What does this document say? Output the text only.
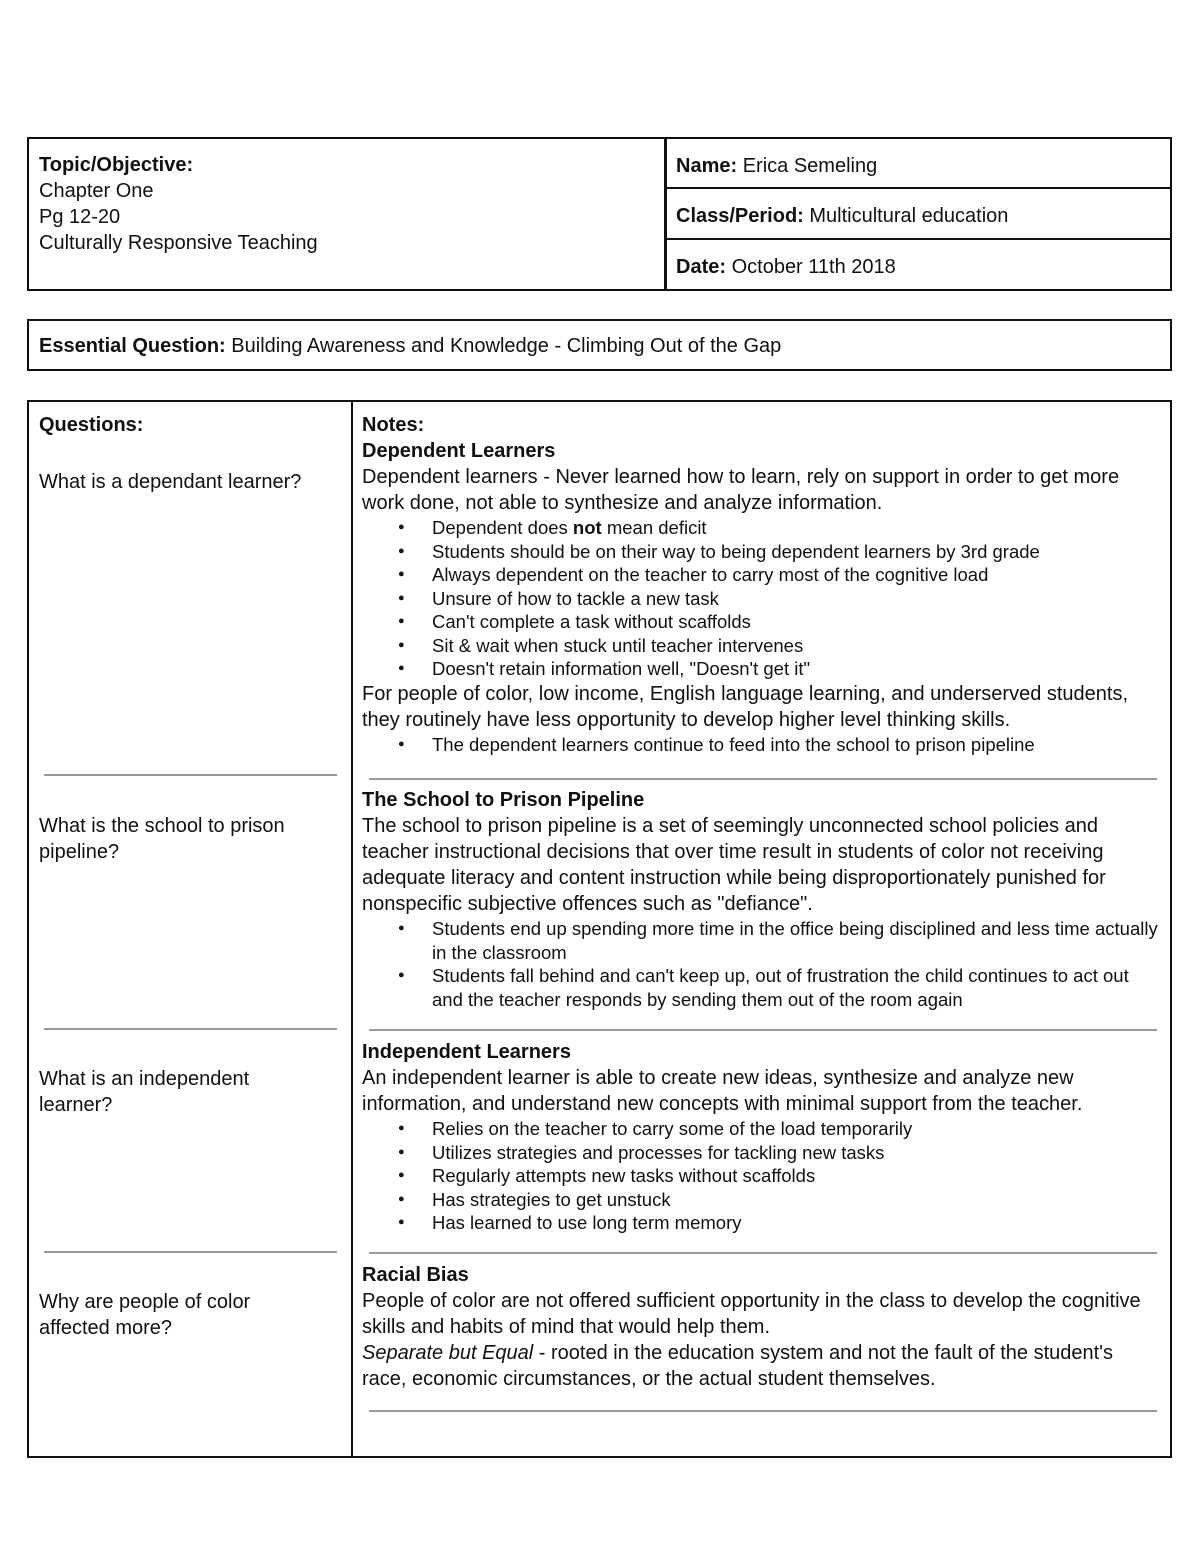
Topic/Objective:
Chapter One
Pg 12-20
Culturally Responsive Teaching
Name: Erica Semeling
Class/Period: Multicultural education
Date: October 11th 2018
Essential Question: Building Awareness and Knowledge - Climbing Out of the Gap
Questions:
What is a dependant learner?
What is the school to prison pipeline?
What is an independent learner?
Why are people of color affected more?
Notes:
Dependent Learners
Dependent learners - Never learned how to learn, rely on support in order to get more work done, not able to synthesize and analyze information.
● Dependent does not mean deficit
● Students should be on their way to being dependent learners by 3rd grade
● Always dependent on the teacher to carry most of the cognitive load
● Unsure of how to tackle a new task
● Can't complete a task without scaffolds
● Sit & wait when stuck until teacher intervenes
● Doesn't retain information well, "Doesn't get it"
For people of color, low income, English language learning, and underserved students, they routinely have less opportunity to develop higher level thinking skills.
● The dependent learners continue to feed into the school to prison pipeline
The School to Prison Pipeline
The school to prison pipeline is a set of seemingly unconnected school policies and teacher instructional decisions that over time result in students of color not receiving adequate literacy and content instruction while being disproportionately punished for nonspecific subjective offences such as "defiance".
● Students end up spending more time in the office being disciplined and less time actually in the classroom
● Students fall behind and can't keep up, out of frustration the child continues to act out and the teacher responds by sending them out of the room again
Independent Learners
An independent learner is able to create new ideas, synthesize and analyze new information, and understand new concepts with minimal support from the teacher.
● Relies on the teacher to carry some of the load temporarily
● Utilizes strategies and processes for tackling new tasks
● Regularly attempts new tasks without scaffolds
● Has strategies to get unstuck
● Has learned to use long term memory
Racial Bias
People of color are not offered sufficient opportunity in the class to develop the cognitive skills and habits of mind that would help them.
Separate but Equal - rooted in the education system and not the fault of the student's race, economic circumstances, or the actual student themselves.
